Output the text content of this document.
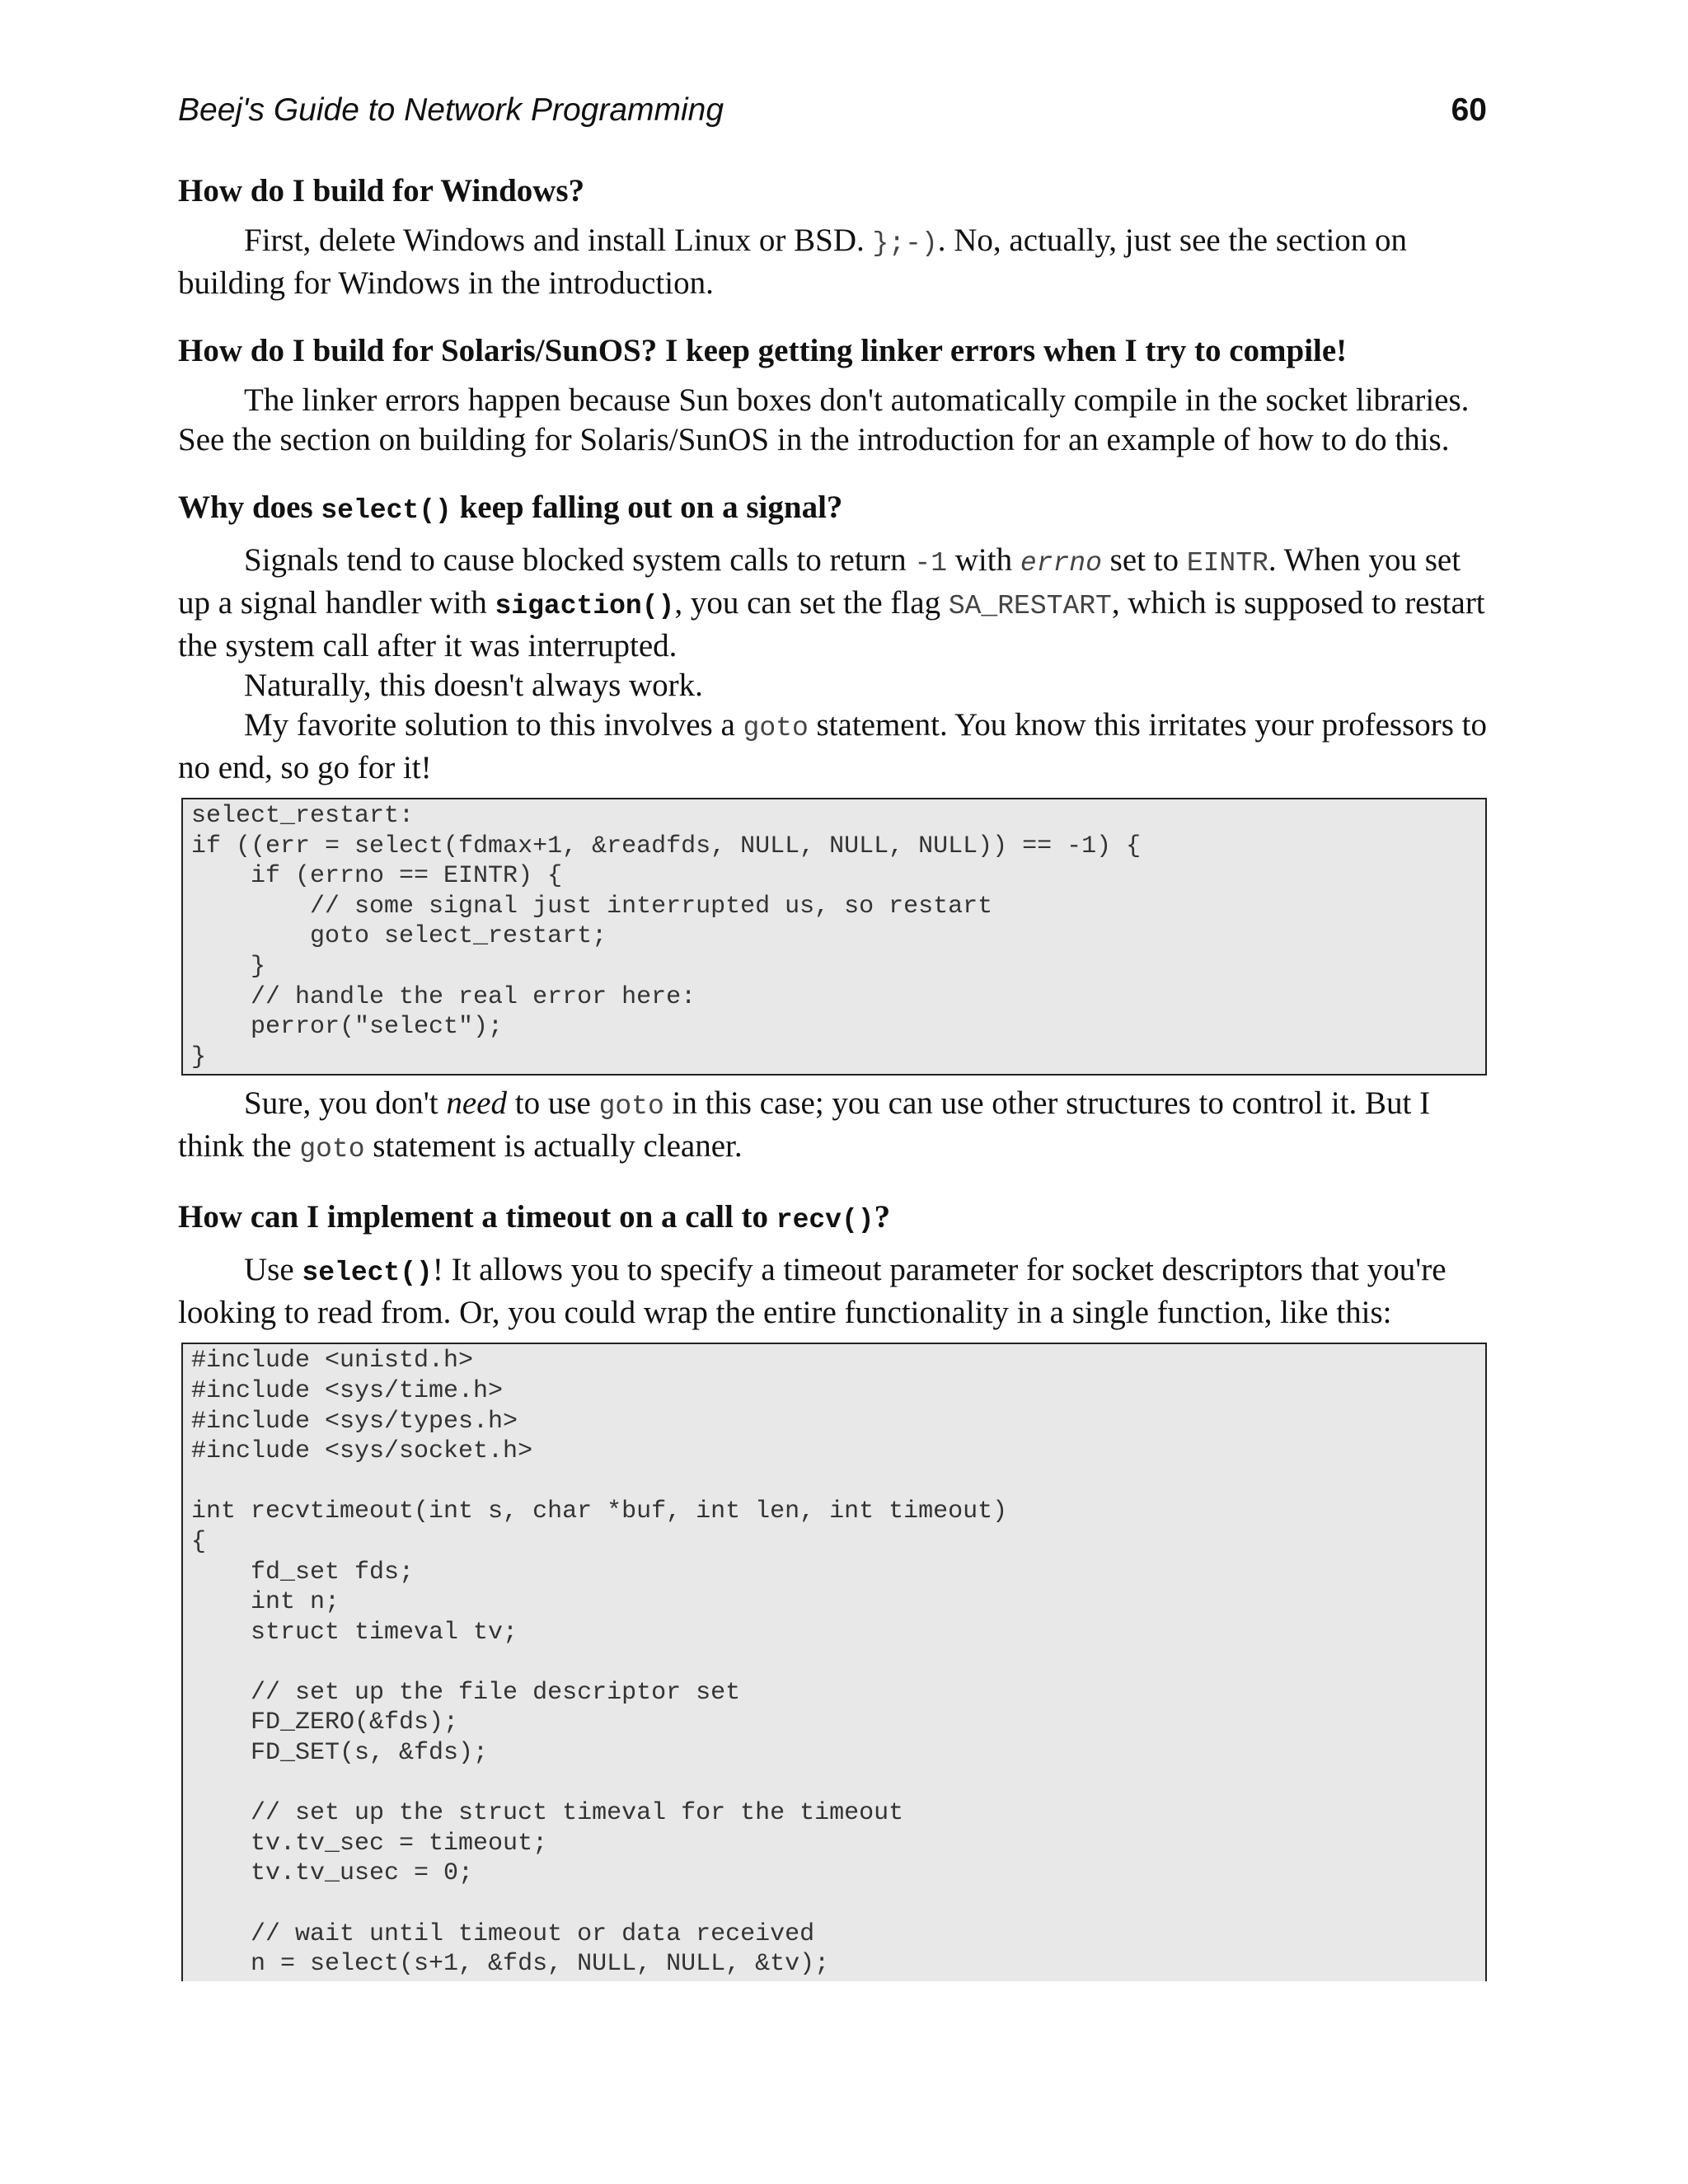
Beej's Guide to Network Programming	60
How do I build for Windows?

First, delete Windows and install Linux or BSD. };-). No, actually, just see the section on building for Windows in the introduction.

How do I build for Solaris/SunOS? I keep getting linker errors when I try to compile!

The linker errors happen because Sun boxes don't automatically compile in the socket libraries. See the section on building for Solaris/SunOS in the introduction for an example of how to do this.

Why does select() keep falling out on a signal?

Signals tend to cause blocked system calls to return -1 with errno set to EINTR. When you set up a signal handler with sigaction(), you can set the flag SA_RESTART, which is supposed to restart the system call after it was interrupted.

Naturally, this doesn't always work.

My favorite solution to this involves a goto statement. You know this irritates your professors to no end, so go for it!

select_restart:
if ((err = select(fdmax+1, &readfds, NULL, NULL, NULL)) == -1) {
if (errno == EINTR) {
// some signal just interrupted us, so restart
goto select_restart;
}
// handle the real error here:
perror("select");
}

Sure, you don't need to use goto in this case; you can use other structures to control it. But I think the goto statement is actually cleaner.

How can I implement a timeout on a call to recv()?

Use select()! It allows you to specify a timeout parameter for socket descriptors that you're looking to read from. Or, you could wrap the entire functionality in a single function, like this:

#include <unistd.h>
#include <sys/time.h>
#include <sys/types.h>
#include <sys/socket.h>

int recvtimeout(int s, char *buf, int len, int timeout)
{
fd_set fds;
int n;
struct timeval tv;

// set up the file descriptor set
FD_ZERO(&fds);
FD_SET(s, &fds);

// set up the struct timeval for the timeout
tv.tv_sec = timeout;
tv.tv_usec = 0;

// wait until timeout or data received
n = select(s+1, &fds, NULL, NULL, &tv);
